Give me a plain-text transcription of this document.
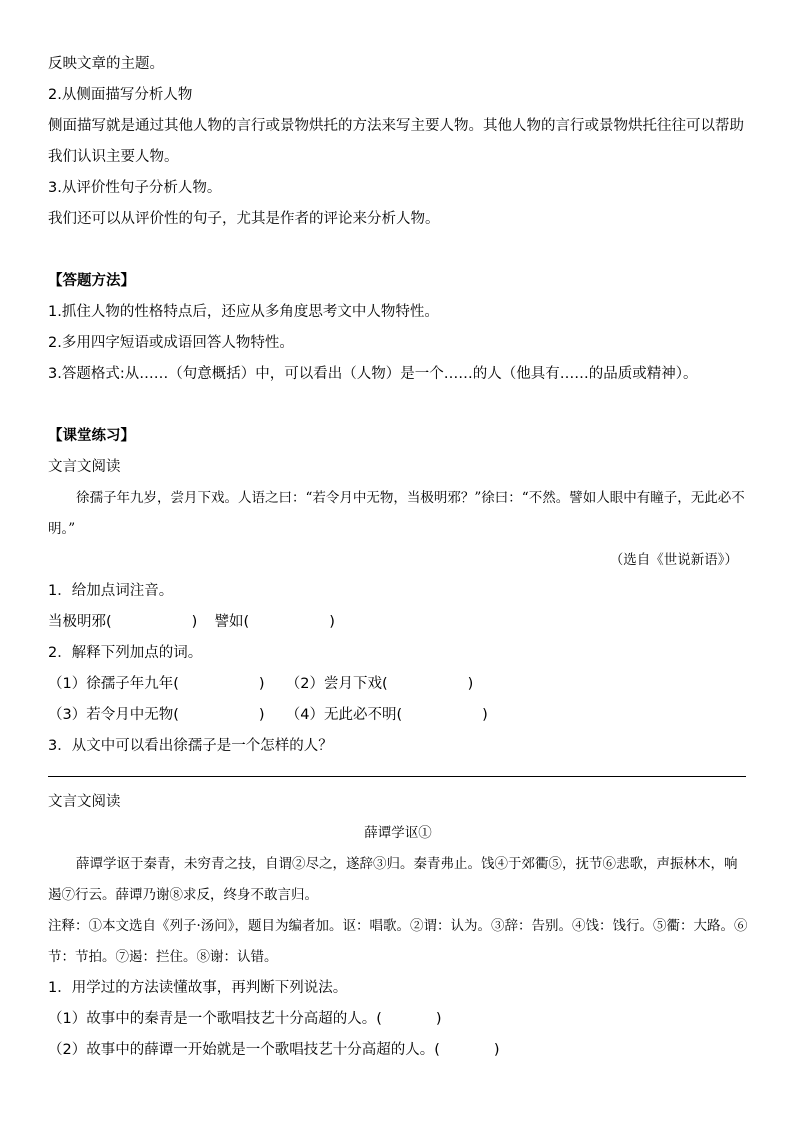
反映文章的主题。
2.从侧面描写分析人物
侧面描写就是通过其他人物的言行或景物烘托的方法来写主要人物。其他人物的言行或景物烘托往往可以帮助我们认识主要人物。
3.从评价性句子分析人物。
我们还可以从评价性的句子，尤其是作者的评论来分析人物。
【答题方法】
1.抓住人物的性格特点后，还应从多角度思考文中人物特性。
2.多用四字短语或成语回答人物特性。
3.答题格式:从……（句意概括）中，可以看出（人物）是一个……的人（他具有……的品质或精神）。
【课堂练习】
文言文阅读
徐孺子年九岁，尝月下戏。人语之曰：“若令月中无物，当极明邪？”徐曰：“不然。譬如人眼中有瞳子，无此必不明。”
（选自《世说新语》）
1．给加点词注音。
当极明邪(	) 譬如(	)
2．解释下列加点的词。
（1）徐孺子年九年(	) （2）尝月下戏(	)
（3）若令月中无物(	) （4）无此必不明(	)
3．从文中可以看出徐孺子是一个怎样的人？
文言文阅读
薛谭学讴①
薛谭学讴于秦青，未穷青之技，自谓②尽之，遂辞③归。秦青弗止。饯④于郊衢⑤，抚节⑥悲歌，声振林木，响遏⑦行云。薛谭乃谢⑧求反，终身不敢言归。
注释：①本文选自《列子·汤问》，题目为编者加。讴：唱歌。②谓：认为。③辞：告别。④饯：饯行。⑤衢：大路。⑥节：节拍。⑦遏：拦住。⑧谢：认错。
1．用学过的方法读懂故事，再判断下列说法。
（1）故事中的秦青是一个歌唱技艺十分高超的人。(	)
（2）故事中的薛谭一开始就是一个歌唱技艺十分高超的人。(	)
